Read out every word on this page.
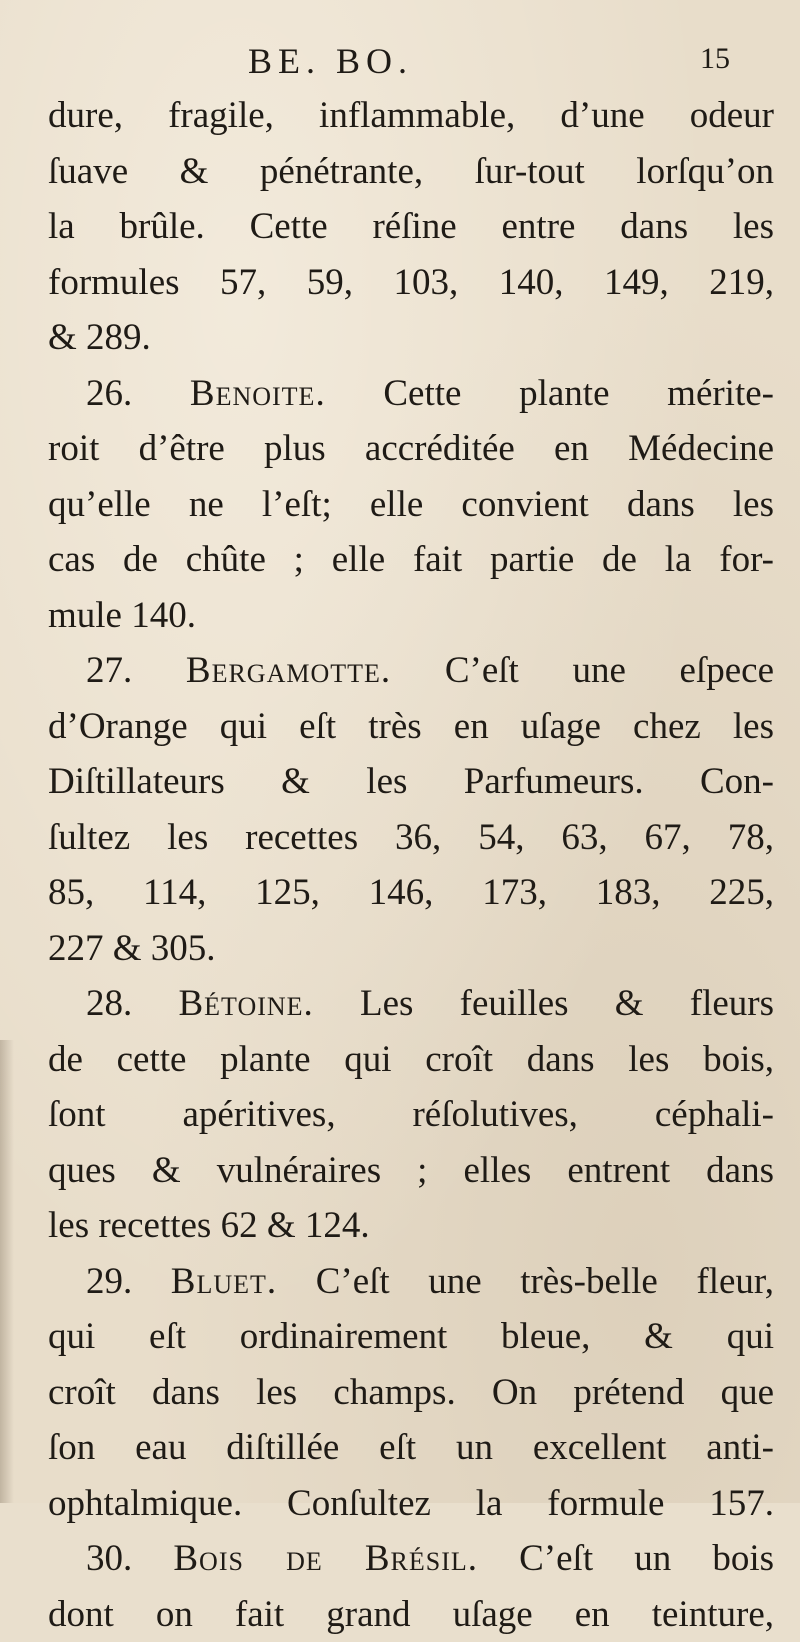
BE. BO.	15
dure, fragile, inflammable, d’une odeur
ſuave & pénétrante, ſur-tout lorſqu’on
la brûle. Cette réſine entre dans les
formules 57, 59, 103, 140, 149, 219,
& 289.
26. Benoite. Cette plante mérite-
roit d’être plus accréditée en Médecine
qu’elle ne l’eſt; elle convient dans les
cas de chûte ; elle fait partie de la for-
mule 140.
27. Bergamotte. C’eſt une eſpece
d’Orange qui eſt très en uſage chez les
Diſtillateurs & les Parfumeurs. Con-
ſultez les recettes 36, 54, 63, 67, 78,
85, 114, 125, 146, 173, 183, 225,
227 & 305.
28. Bétoine. Les feuilles & fleurs
de cette plante qui croît dans les bois,
ſont apéritives, réſolutives, céphali-
ques & vulnéraires ; elles entrent dans
les recettes 62 & 124.
29. Bluet. C’eſt une très-belle fleur,
qui eſt ordinairement bleue, & qui
croît dans les champs. On prétend que
ſon eau diſtillée eſt un excellent anti-
ophtalmique. Conſultez la formule 157.
30. Bois de Brésil. C’eſt un bois
dont on fait grand uſage en teinture,
